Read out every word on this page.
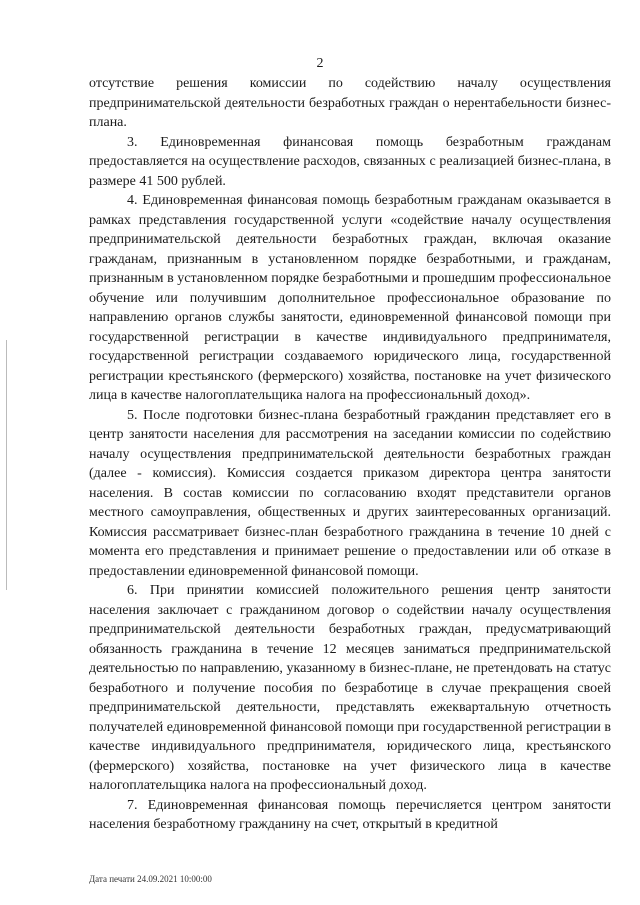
2

отсутствие решения комиссии по содействию началу осуществления предпринимательской деятельности безработных граждан о нерентабельности бизнес-плана.

3. Единовременная финансовая помощь безработным гражданам предоставляется на осуществление расходов, связанных с реализацией бизнес-плана, в размере 41 500 рублей.

4. Единовременная финансовая помощь безработным гражданам оказывается в рамках представления государственной услуги «содействие началу осуществления предпринимательской деятельности безработных граждан, включая оказание гражданам, признанным в установленном порядке безработными, и гражданам, признанным в установленном порядке безработными и прошедшим профессиональное обучение или получившим дополнительное профессиональное образование по направлению органов службы занятости, единовременной финансовой помощи при государственной регистрации в качестве индивидуального предпринимателя, государственной регистрации создаваемого юридического лица, государственной регистрации крестьянского (фермерского) хозяйства, постановке на учет физического лица в качестве налогоплательщика налога на профессиональный доход».

5. После подготовки бизнес-плана безработный гражданин представляет его в центр занятости населения для рассмотрения на заседании комиссии по содействию началу осуществления предпринимательской деятельности безработных граждан (далее - комиссия). Комиссия создается приказом директора центра занятости населения. В состав комиссии по согласованию входят представители органов местного самоуправления, общественных и других заинтересованных организаций. Комиссия рассматривает бизнес-план безработного гражданина в течение 10 дней с момента его представления и принимает решение о предоставлении или об отказе в предоставлении единовременной финансовой помощи.

6. При принятии комиссией положительного решения центр занятости населения заключает с гражданином договор о содействии началу осуществления предпринимательской деятельности безработных граждан, предусматривающий обязанность гражданина в течение 12 месяцев заниматься предпринимательской деятельностью по направлению, указанному в бизнес-плане, не претендовать на статус безработного и получение пособия по безработице в случае прекращения своей предпринимательской деятельности, представлять ежеквартальную отчетность получателей единовременной финансовой помощи при государственной регистрации в качестве индивидуального предпринимателя, юридического лица, крестьянского (фермерского) хозяйства, постановке на учет физического лица в качестве налогоплательщика налога на профессиональный доход.

7. Единовременная финансовая помощь перечисляется центром занятости населения безработному гражданину на счет, открытый в кредитной

Дата печати 24.09.2021 10:00:00
